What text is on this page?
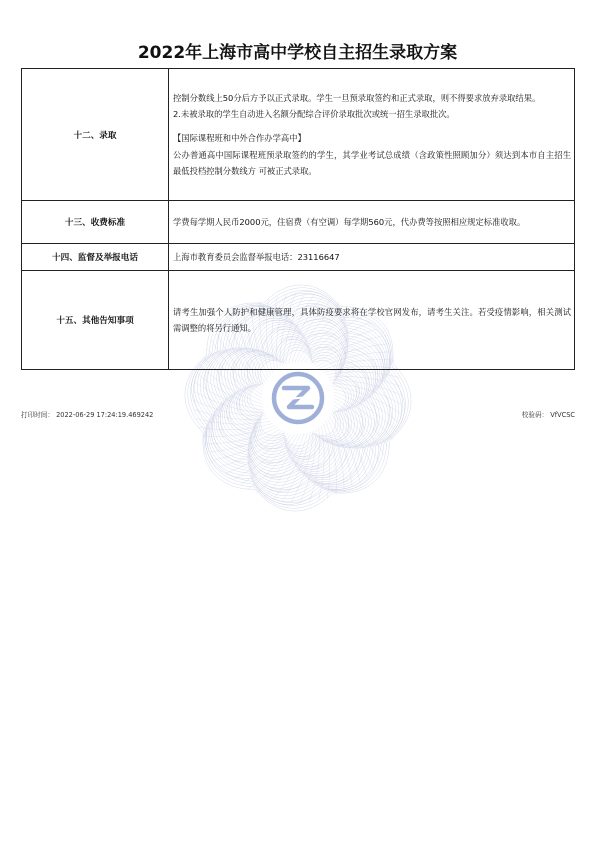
2022年上海市高中学校自主招生录取方案
十二、录取	控制分数线上50分后方予以正式录取。学生一旦预录取签约和正式录取，则不得要求放弃录取结果。

2.未被录取的学生自动进入名额分配综合评价录取批次或统一招生录取批次。

【国际课程班和中外合作办学高中】

公办普通高中国际课程班预录取签约的学生，其学业考试总成绩（含政策性照顾加分）须达到本市自主招生最低投档控制分数线方 可被正式录取。

十三、收费标准	学费每学期人民币2000元，住宿费（有空调）每学期560元，代办费等按照相应规定标准收取。

十四、监督及举报电话	上海市教育委员会监督举报电话：23116647

十五、其他告知事项	请考生加强个人防护和健康管理，具体防疫要求将在学校官网发布，请考生关注。若受疫情影响，相关测试需调整的将另行通知。

打印时间： 2022-06-29 17:24:19.469242	校验码： VfVCSC
